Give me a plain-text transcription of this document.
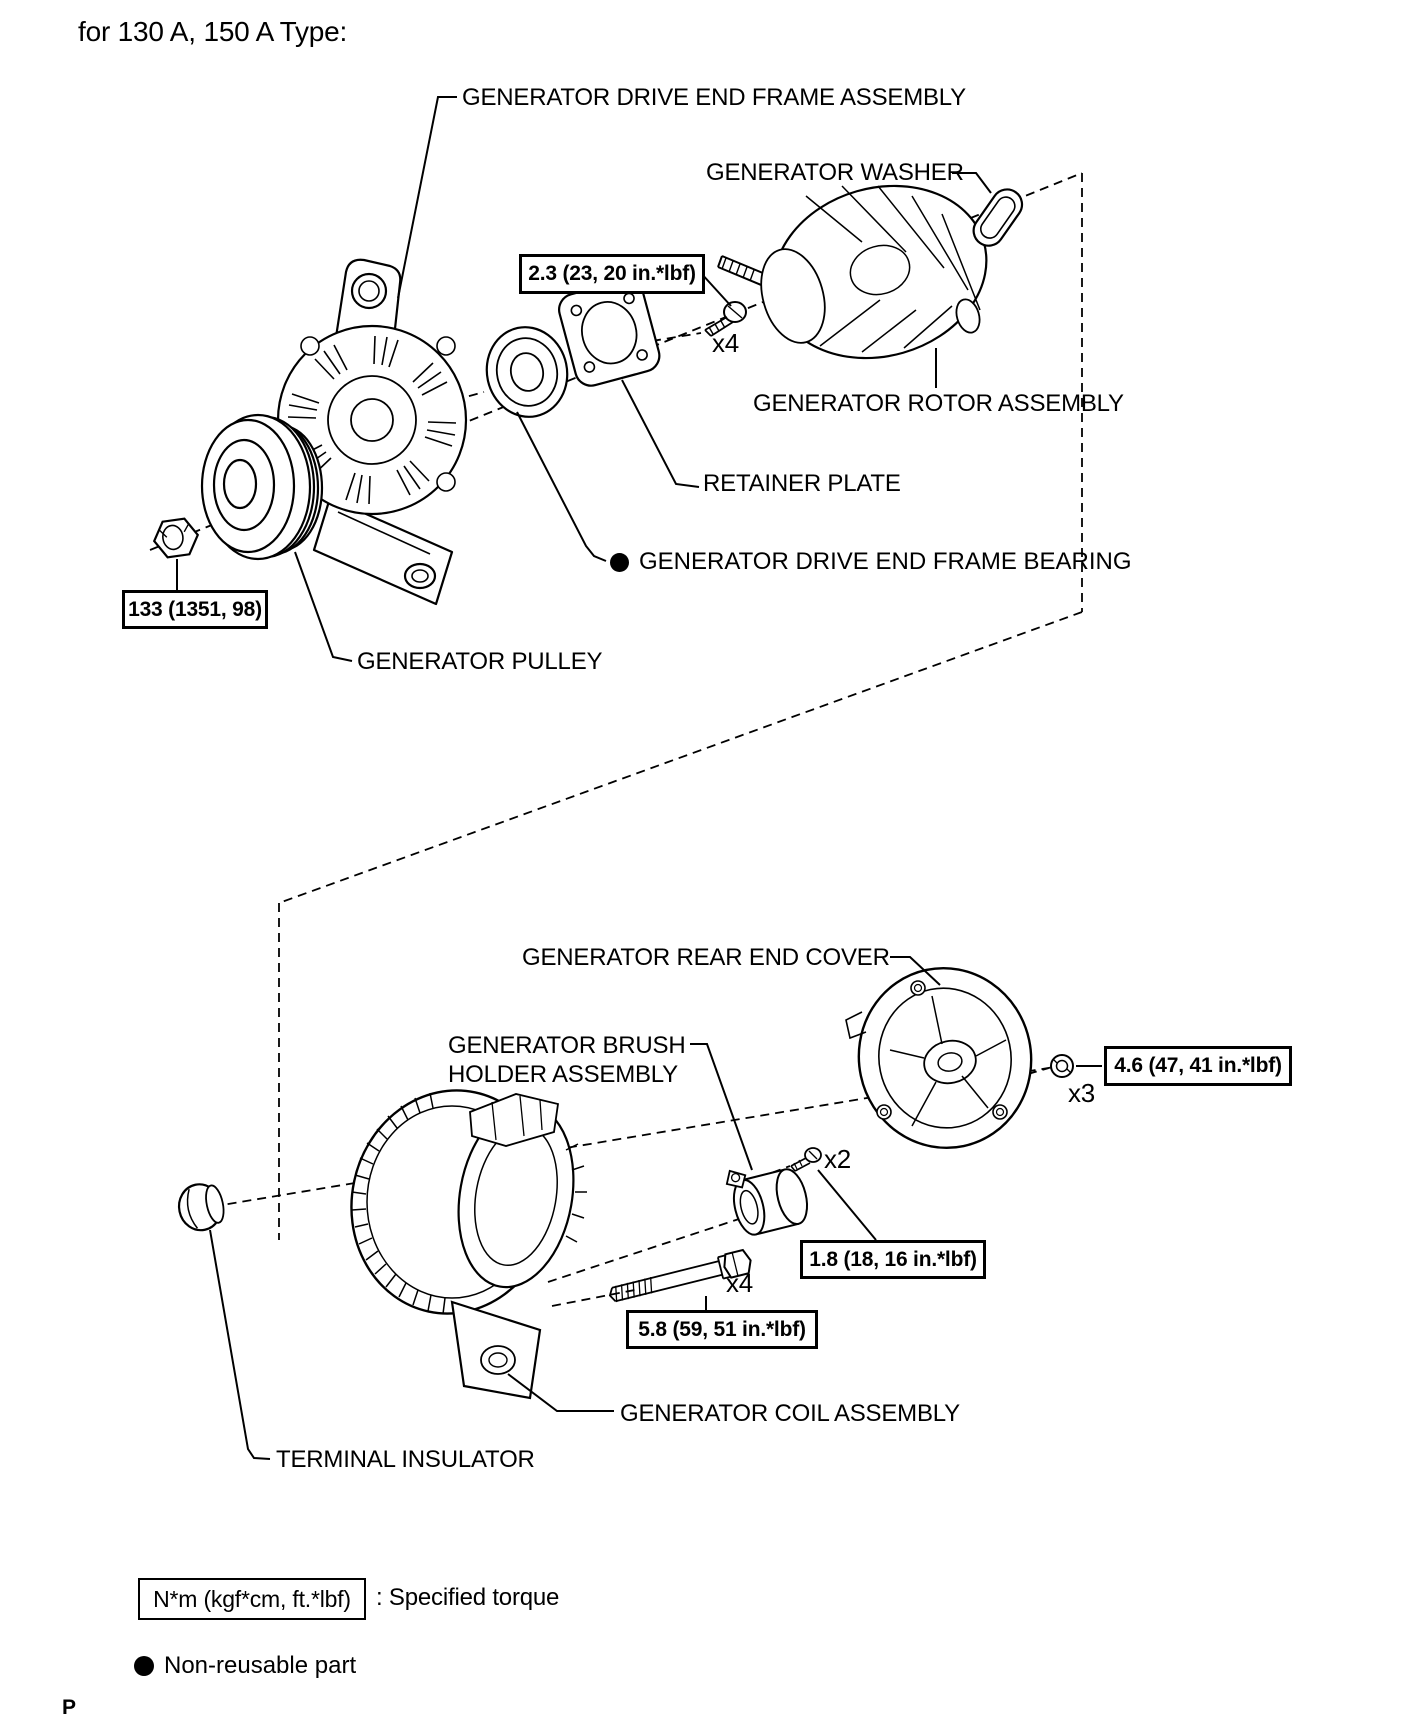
for 130 A, 150 A Type:
GENERATOR DRIVE END FRAME ASSEMBLY
GENERATOR WASHER
2.3 (23, 20 in.*lbf)
x4
GENERATOR ROTOR ASSEMBLY
RETAINER PLATE
GENERATOR DRIVE END FRAME BEARING
133 (1351, 98)
GENERATOR PULLEY
GENERATOR REAR END COVER
GENERATOR BRUSH
HOLDER ASSEMBLY	4.6 (47, 41 in.*lbf)
x3
x2
1.8 (18, 16 in.*lbf)
x4
5.8 (59, 51 in.*lbf)
GENERATOR COIL ASSEMBLY
TERMINAL INSULATOR
N*m (kgf*cm, ft.*lbf)	: Specified torque
Non-reusable part
P
